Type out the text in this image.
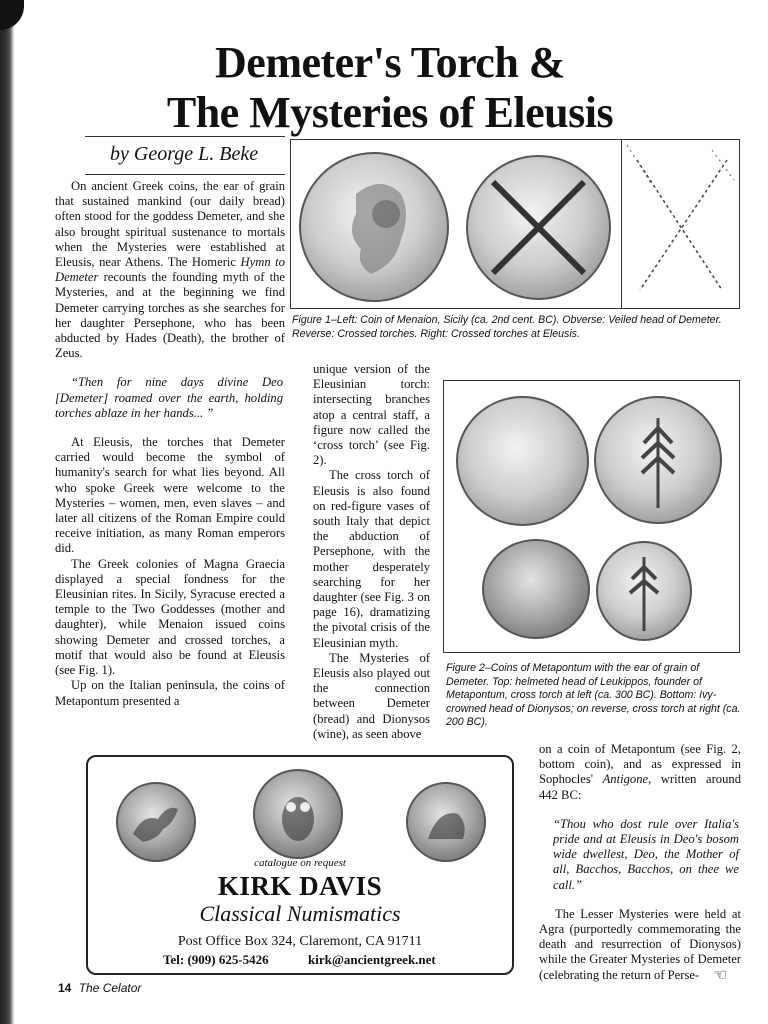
Demeter's Torch &
The Mysteries of Eleusis
by George L. Beke

On ancient Greek coins, the ear of grain that sustained mankind (our daily bread) often stood for the goddess Demeter, and she also brought spiritual sustenance to mortals when the Mysteries were established at Eleusis, near Athens. The Homeric Hymn to Demeter recounts the founding myth of the Mysteries, and at the beginning we find Demeter carrying torches as she searches for her daughter Persephone, who has been abducted by Hades (Death), the brother of Zeus.

“Then for nine days divine Deo [Demeter] roamed over the earth, holding torches ablaze in her hands... ”

At Eleusis, the torches that Demeter carried would become the symbol of humanity's search for what lies beyond. All who spoke Greek were welcome to the Mysteries – women, men, even slaves – and later all citizens of the Roman Empire could receive initiation, as many Roman emperors did.

The Greek colonies of Magna Graecia displayed a special fondness for the Eleusinian rites. In Sicily, Syracuse erected a temple to the Two Goddesses (mother and daughter), while Menaion issued coins showing Demeter and crossed torches, a motif that would also be found at Eleusis (see Fig. 1).

Up on the Italian peninsula, the coins of Metapontum presented a

Figure 1–Left: Coin of Menaion, Sicily (ca. 2nd cent. BC). Obverse: Veiled head of Demeter. Reverse: Crossed torches. Right: Crossed torches at Eleusis.

unique version of the Eleusinian torch: intersecting branches atop a central staff, a figure now called the ‘cross torch’ (see Fig. 2).

The cross torch of Eleusis is also found on red-figure vases of south Italy that depict the abduction of Persephone, with the mother desperately searching for her daughter (see Fig. 3 on page 16), dramatizing the pivotal crisis of the Eleusinian myth.

The Mysteries of Eleusis also played out the connection between Demeter (bread) and Dionysos (wine), as seen above

Figure 2–Coins of Metapontum with the ear of grain of Demeter. Top: helmeted head of Leukippos, founder of Metapontum, cross torch at left (ca. 300 BC). Bottom: Ivy-crowned head of Dionysos; on reverse, cross torch at right (ca. 200 BC).

on a coin of Metapontum (see Fig. 2, bottom coin), and as expressed in Sophocles' Antigone, written around 442 BC:

“Thou who dost rule over Italia's pride and at Eleusis in Deo's bosom wide dwellest, Deo, the Mother of all, Bacchos, Bacchos, on thee we call.”

The Lesser Mysteries were held at Agra (purportedly commemorating the death and resurrection of Dionysos) while the Greater Mysteries of Demeter (celebrating the return of Perse- ☜
catalogue on request
KIRK DAVIS
Classical Numismatics
Post Office Box 324, Claremont, CA 91711
Tel: (909) 625-5426	kirk@ancientgreek.net
14 The Celator
